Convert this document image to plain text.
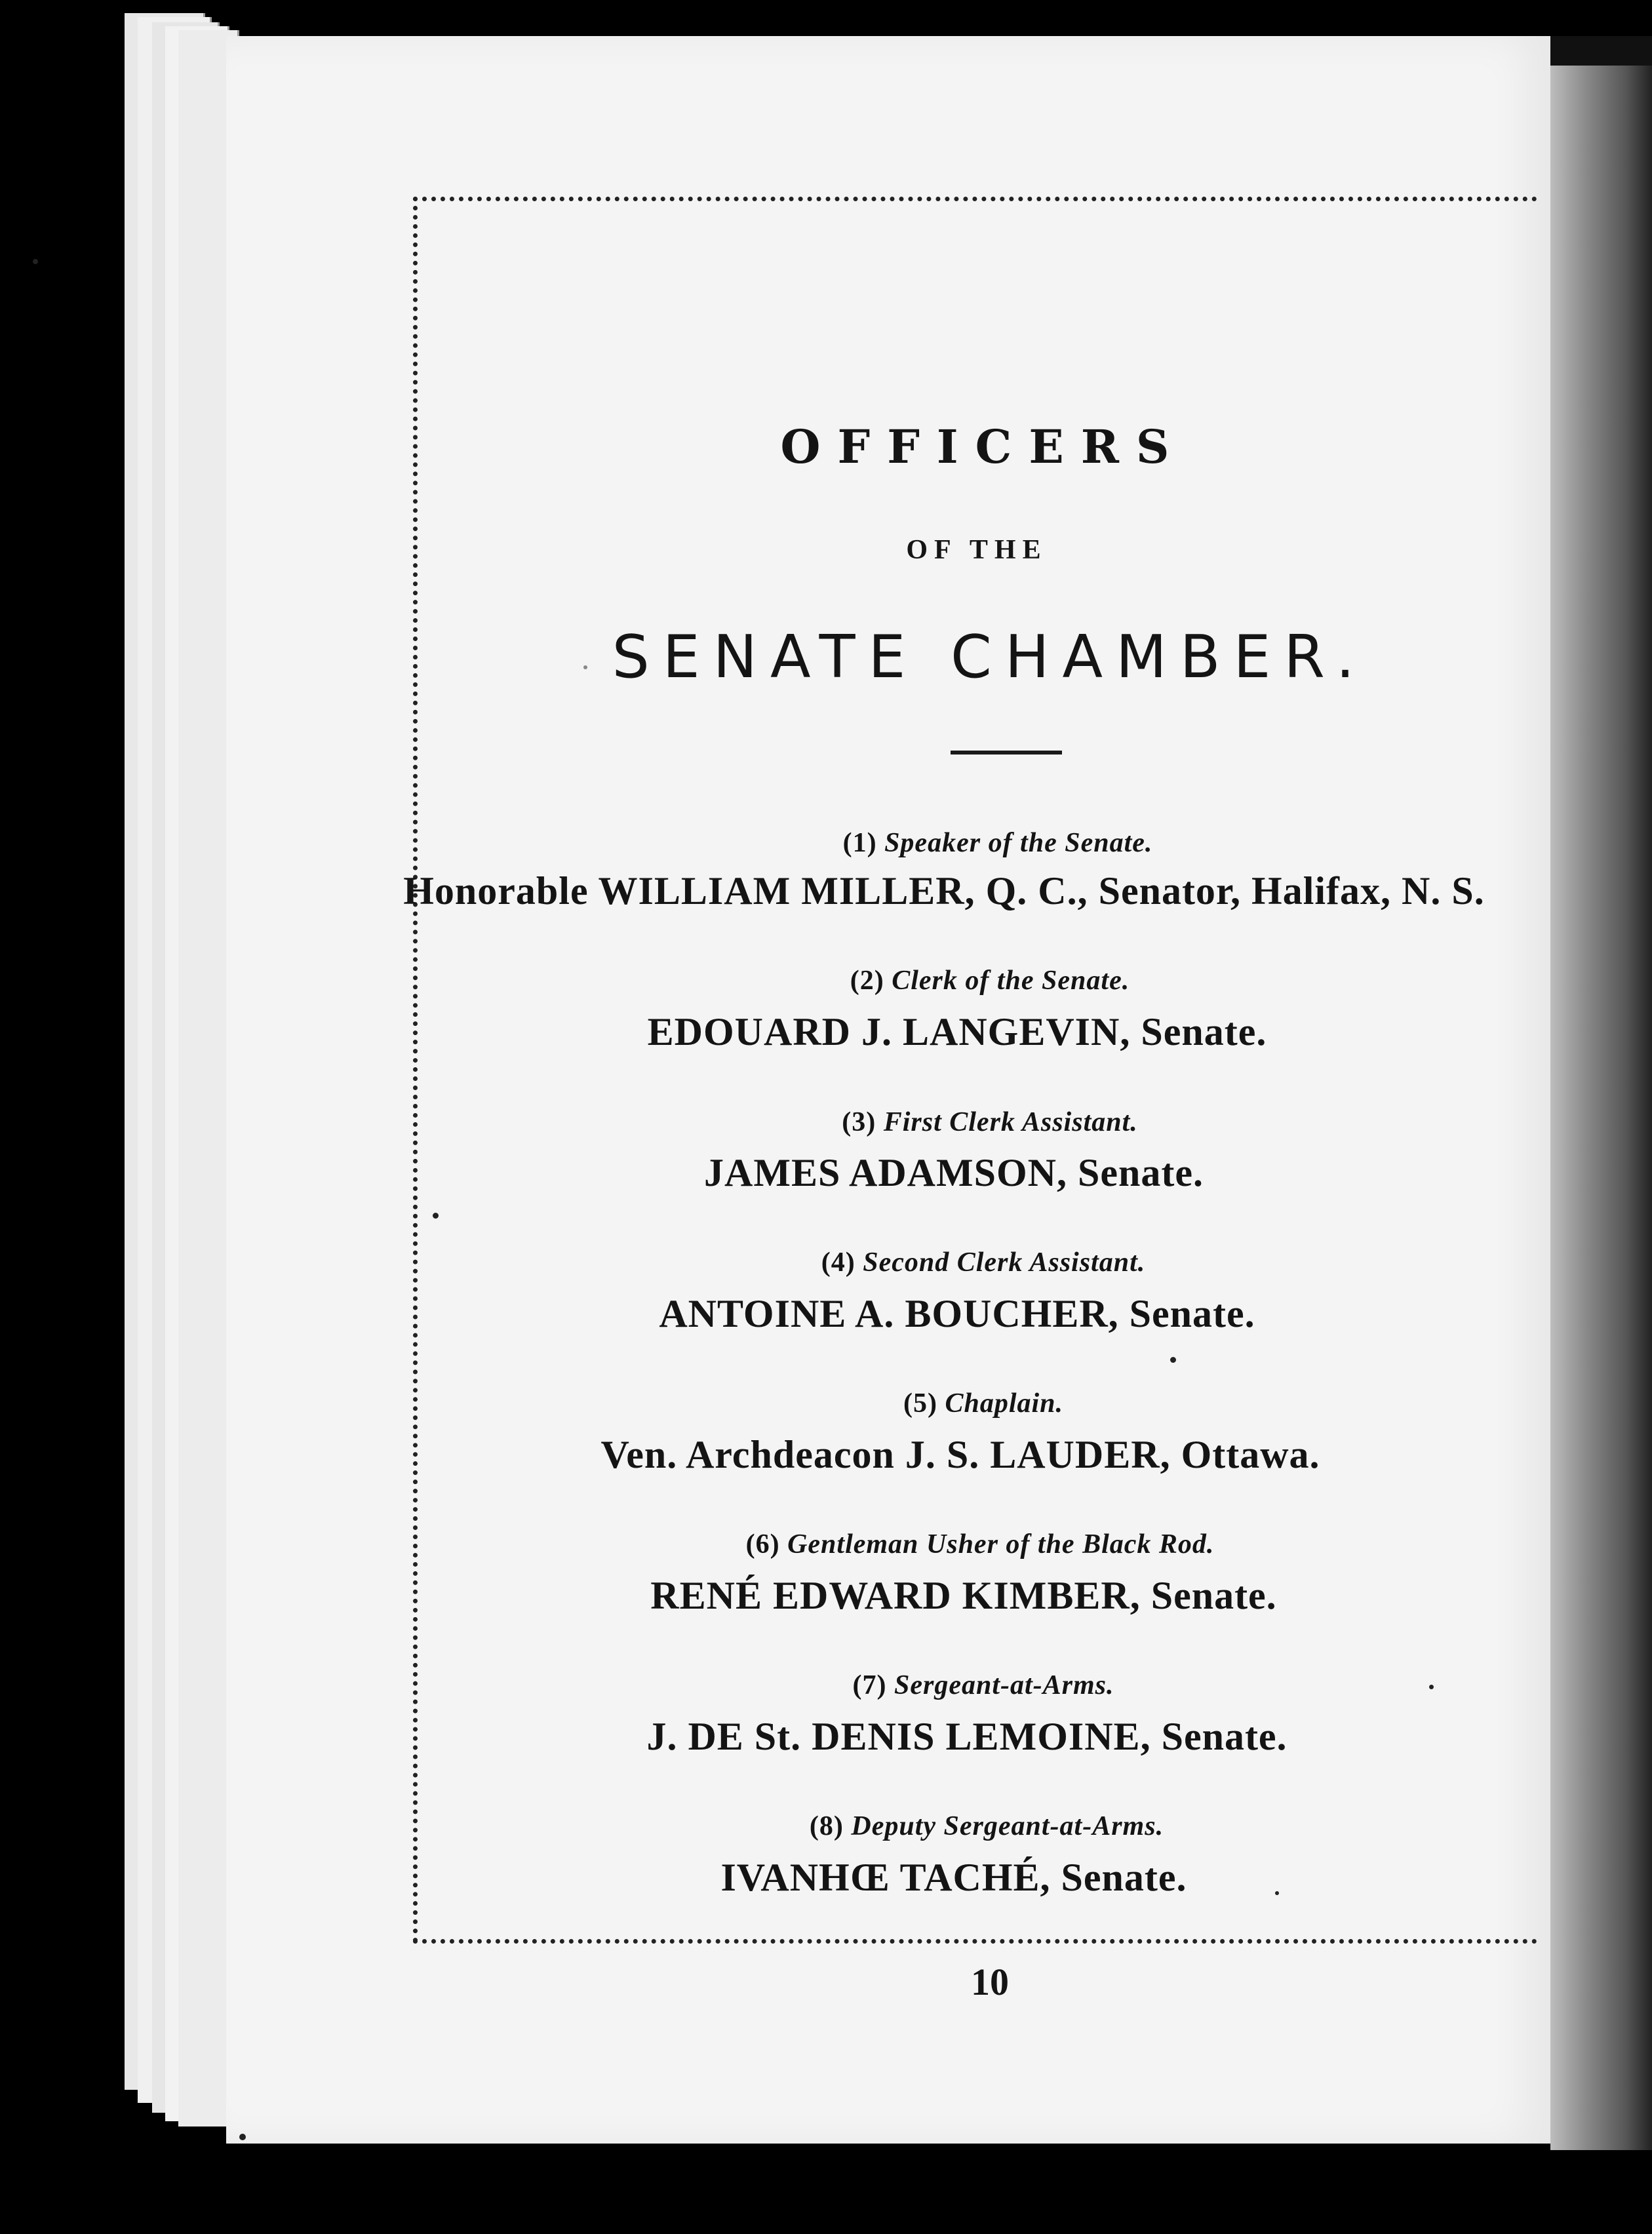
OFFICERS

OF THE

SENATE CHAMBER.

(1) Speaker of the Senate.

Honorable WILLIAM MILLER, Q. C., Senator, Halifax, N. S.

(2) Clerk of the Senate.

EDOUARD J. LANGEVIN, Senate.

(3) First Clerk Assistant.

JAMES ADAMSON, Senate.

(4) Second Clerk Assistant.

ANTOINE A. BOUCHER, Senate.

(5) Chaplain.

Ven. Archdeacon J. S. LAUDER, Ottawa.

(6) Gentleman Usher of the Black Rod.

RENÉ EDWARD KIMBER, Senate.

(7) Sergeant-at-Arms.

J. DE St. DENIS LEMOINE, Senate.

(8) Deputy Sergeant-at-Arms.

IVANHŒ TACHÉ, Senate.

10
